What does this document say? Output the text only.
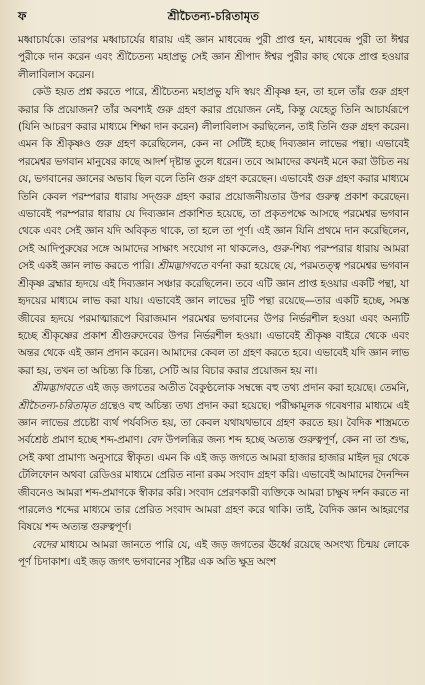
ফ	শ্রীচৈতন্য-চরিতামৃত

মধ্বাচার্যকে। তারপর মধ্বাচার্যের ধারায় এই জ্ঞান মাধবেন্দ্র পুরী প্রাপ্ত হন, মাধবেন্দ্র পুরী তা ঈশ্বর পুরীকে দান করেন এবং শ্রীচৈতন্য মহাপ্রভু সেই জ্ঞান শ্রীপাদ ঈশ্বর পুরীর কাছ থেকে প্রাপ্ত হওয়ার লীলাবিলাস করেন।

কেউ হয়ত প্রশ্ন করতে পারে, শ্রীচৈতন্য মহাপ্রভু যদি স্বয়ং শ্রীকৃষ্ণ হন, তা হলে তাঁর গুরু গ্রহণ করার কি প্রয়োজন? তাঁর অবশ্যই গুরু গ্রহণ করার প্রয়োজন নেই, কিন্তু যেহেতু তিনি আচার্যরূপে (যিনি আচরণ করার মাধ্যমে শিক্ষা দান করেন) লীলাবিলাস করছিলেন, তাই তিনি গুরু গ্রহণ করেন। এমন কি শ্রীকৃষ্ণও গুরু গ্রহণ করেছিলেন, কেন না সেটিই হচ্ছে দিব্যজ্ঞান লাভের পন্থা। এভাবেই পরমেশ্বর ভগবান মানুষের কাছে আদর্শ দৃষ্টান্ত তুলে ধরেন। তবে আমাদের কখনই মনে করা উচিত নয় যে, ভগবানের জ্ঞানের অভাব ছিল বলে তিনি গুরু গ্রহণ করেছেন। এভাবেই গুরু গ্রহণ করার মাধ্যমে তিনি কেবল পরম্পরার ধারায় সদ্‌গুরু গ্রহণ করার প্রয়োজনীয়তার উপর গুরুত্ব প্রকাশ করেছেন। এভাবেই পরম্পরার ধারায় যে দিব্যজ্ঞান প্রকাশিত হয়েছে, তা প্রকৃতপক্ষে আসছে পরমেশ্বর ভগবান থেকে এবং সেই জ্ঞান যদি অবিকৃত থাকে, তা হলে তা পূর্ণ। এই জ্ঞান যিনি প্রথমে দান করেছিলেন, সেই আদিপুরুষের সঙ্গে আমাদের সাক্ষাৎ সংযোগ না থাকলেও, গুরু-শিষ্য পরম্পরার ধারায় আমরা সেই একই জ্ঞান লাভ করতে পারি। শ্রীমদ্ভাগবতে বর্ণনা করা হয়েছে যে, পরমতত্ত্ব পরমেশ্বর ভগবান শ্রীকৃষ্ণ ব্রহ্মার হৃদয়ে এই দিব্যজ্ঞান সঞ্চার করেছিলেন। তবে এটি জ্ঞান প্রাপ্ত হওয়ার একটি পন্থা, যা হৃদয়ের মাধ্যমে লাভ করা যায়। এভাবেই জ্ঞান লাভের দুটি পন্থা রয়েছে—তার একটি হচ্ছে, সমস্ত জীবের হৃদয়ে পরমাত্মারূপে বিরাজমান পরমেশ্বর ভগবানের উপর নির্ভরশীল হওয়া এবং অন্যটি হচ্ছে শ্রীকৃষ্ণের প্রকাশ শ্রীগুরুদেবের উপর নির্ভরশীল হওয়া। এভাবেই শ্রীকৃষ্ণ বাইরে থেকে এবং অন্তর থেকে এই জ্ঞান প্রদান করেন। আমাদের কেবল তা গ্রহণ করতে হবে। এভাবেই যদি জ্ঞান লাভ করা হয়, তখন তা অচিন্ত্য কি চিন্ত্য, সেটি আর বিচার করার প্রয়োজন হয় না।

শ্রীমদ্ভাগবতে এই জড় জগতের অতীত বৈকুণ্ঠলোক সম্বন্ধে বহু তথ্য প্রদান করা হয়েছে। তেমনি, শ্রীচৈতন্য-চরিতামৃত গ্রন্থেও বহু অচিন্ত্য তথ্য প্রদান করা হয়েছে। পরীক্ষামূলক গবেষণার মাধ্যমে এই জ্ঞান লাভের প্রচেষ্টা ব্যর্থ পর্যবসিত হয়, তা কেবল যথাযথভাবে গ্রহণ করতে হয়। বৈদিক শাস্ত্রমতে সর্বশ্রেষ্ঠ প্রমাণ হচ্ছে শব্দ-প্রমাণ। বেদ উপলব্ধির জন্য শব্দ হচ্ছে অত্যন্ত গুরুত্বপূর্ণ, কেন না তা শুদ্ধ, সেই কথা প্রামাণ্য অনুসারে স্বীকৃত। এমন কি এই জড় জগতে আমরা হাজার হাজার মাইল দূর থেকে টেলিফোন অথবা রেডিওর মাধ্যমে প্রেরিত নানা রকম সংবাদ গ্রহণ করি। এভাবেই আমাদের দৈনন্দিন জীবনেও আমরা শব্দ-প্রমাণকে স্বীকার করি। সংবাদ প্রেরণকারী ব্যক্তিকে আমরা চাক্ষুষ দর্শন করতে না পারলেও শব্দের মাধ্যমে তার প্রেরিত সংবাদ আমরা গ্রহণ করে থাকি। তাই, বৈদিক জ্ঞান আহরণের বিষয়ে শব্দ অত্যন্ত গুরুত্বপূর্ণ।

বেদের মাধ্যমে আমরা জানতে পারি যে, এই জড় জগতের ঊর্ধ্বে রয়েছে অসংখ্য চিন্ময় লোকে পূর্ণ চিদাকাশ। এই জড় জগৎ ভগবানের সৃষ্টির এক অতি ক্ষুদ্র অংশ
